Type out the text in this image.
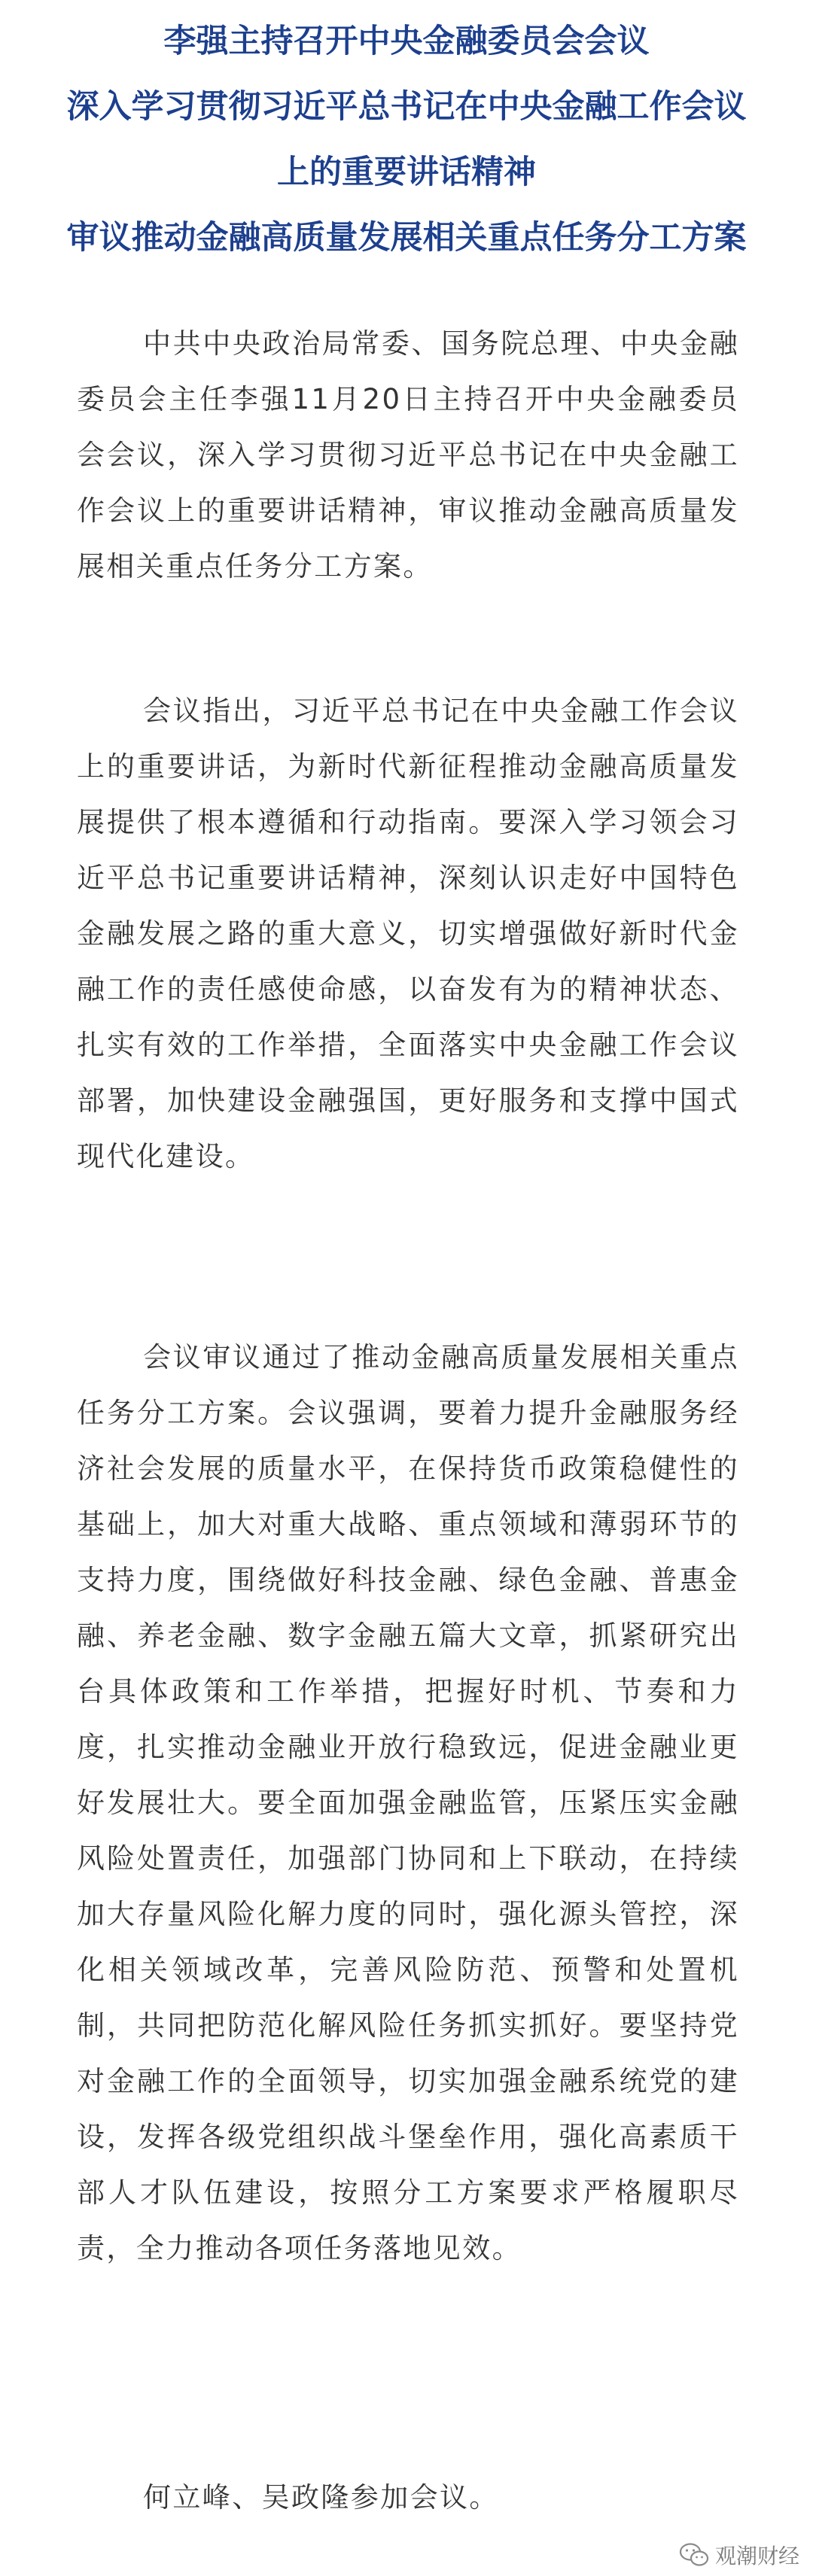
李强主持召开中央金融委员会会议
深入学习贯彻习近平总书记在中央金融工作会议
上的重要讲话精神
审议推动金融高质量发展相关重点任务分工方案
中共中央政治局常委、国务院总理、中央金融委员会主任李强11月20日主持召开中央金融委员会会议，深入学习贯彻习近平总书记在中央金融工作会议上的重要讲话精神，审议推动金融高质量发展相关重点任务分工方案。
会议指出，习近平总书记在中央金融工作会议上的重要讲话，为新时代新征程推动金融高质量发展提供了根本遵循和行动指南。要深入学习领会习近平总书记重要讲话精神，深刻认识走好中国特色金融发展之路的重大意义，切实增强做好新时代金融工作的责任感使命感，以奋发有为的精神状态、扎实有效的工作举措，全面落实中央金融工作会议部署，加快建设金融强国，更好服务和支撑中国式现代化建设。
会议审议通过了推动金融高质量发展相关重点任务分工方案。会议强调，要着力提升金融服务经济社会发展的质量水平，在保持货币政策稳健性的基础上，加大对重大战略、重点领域和薄弱环节的支持力度，围绕做好科技金融、绿色金融、普惠金融、养老金融、数字金融五篇大文章，抓紧研究出台具体政策和工作举措，把握好时机、节奏和力度，扎实推动金融业开放行稳致远，促进金融业更好发展壮大。要全面加强金融监管，压紧压实金融风险处置责任，加强部门协同和上下联动，在持续加大存量风险化解力度的同时，强化源头管控，深化相关领域改革，完善风险防范、预警和处置机制，共同把防范化解风险任务抓实抓好。要坚持党对金融工作的全面领导，切实加强金融系统党的建设，发挥各级党组织战斗堡垒作用，强化高素质干部人才队伍建设，按照分工方案要求严格履职尽责，全力推动各项任务落地见效。
何立峰、吴政隆参加会议。
观潮财经
